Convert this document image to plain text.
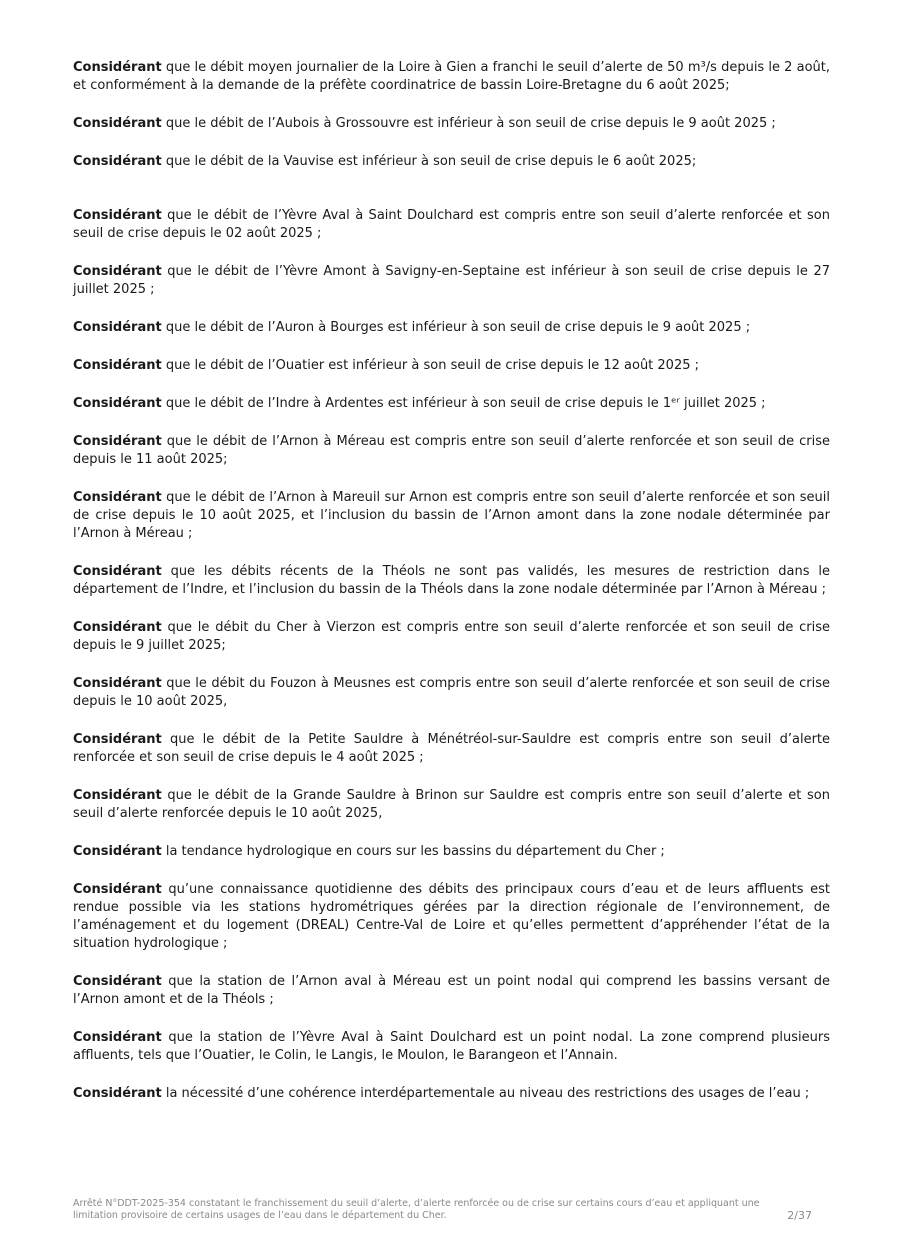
Considérant que le débit moyen journalier de la Loire à Gien a franchi le seuil d’alerte de 50 m³/s depuis le 2 août, et conformément à la demande de la préfète coordinatrice de bassin Loire-Bretagne du 6 août 2025;

Considérant que le débit de l’Aubois à Grossouvre est inférieur à son seuil de crise depuis le 9 août 2025 ;

Considérant que le débit de la Vauvise est inférieur à son seuil de crise depuis le 6 août 2025;

Considérant que le débit de l’Yèvre Aval à Saint Doulchard est compris entre son seuil d’alerte renforcée et son seuil de crise depuis le 02 août 2025 ;

Considérant que le débit de l’Yèvre Amont à Savigny-en-Septaine est inférieur à son seuil de crise depuis le 27 juillet 2025 ;

Considérant que le débit de l’Auron à Bourges est inférieur à son seuil de crise depuis le 9 août 2025 ;

Considérant que le débit de l’Ouatier est inférieur à son seuil de crise depuis le 12 août 2025 ;

Considérant que le débit de l’Indre à Ardentes est inférieur à son seuil de crise depuis le 1ᵉʳ juillet 2025 ;

Considérant que le débit de l’Arnon à Méreau est compris entre son seuil d’alerte renforcée et son seuil de crise depuis le 11 août 2025;

Considérant que le débit de l’Arnon à Mareuil sur Arnon est compris entre son seuil d’alerte renforcée et son seuil de crise depuis le 10 août 2025, et l’inclusion du bassin de l’Arnon amont dans la zone nodale déterminée par l’Arnon à Méreau ;

Considérant que les débits récents de la Théols ne sont pas validés, les mesures de restriction dans le département de l’Indre, et l’inclusion du bassin de la Théols dans la zone nodale déterminée par l’Arnon à Méreau ;

Considérant que le débit du Cher à Vierzon est compris entre son seuil d’alerte renforcée et son seuil de crise depuis le 9 juillet 2025;

Considérant que le débit du Fouzon à Meusnes est compris entre son seuil d’alerte renforcée et son seuil de crise depuis le 10 août 2025,

Considérant que le débit de la Petite Sauldre à Ménétréol-sur-Sauldre est compris entre son seuil d’alerte renforcée et son seuil de crise depuis le 4 août 2025 ;

Considérant que le débit de la Grande Sauldre à Brinon sur Sauldre est compris entre son seuil d’alerte et son seuil d’alerte renforcée depuis le 10 août 2025,

Considérant la tendance hydrologique en cours sur les bassins du département du Cher ;

Considérant qu’une connaissance quotidienne des débits des principaux cours d’eau et de leurs affluents est rendue possible via les stations hydrométriques gérées par la direction régionale de l’environnement, de l’aménagement et du logement (DREAL) Centre-Val de Loire et qu’elles permettent d’appréhender l’état de la situation hydrologique ;

Considérant que la station de l’Arnon aval à Méreau est un point nodal qui comprend les bassins versant de l’Arnon amont et de la Théols ;

Considérant que la station de l’Yèvre Aval à Saint Doulchard est un point nodal. La zone comprend plusieurs affluents, tels que l’Ouatier, le Colin, le Langis, le Moulon, le Barangeon et l’Annain.

Considérant la nécessité d’une cohérence interdépartementale au niveau des restrictions des usages de l’eau ;

Arrêté N°DDT-2025-354 constatant le franchissement du seuil d’alerte, d’alerte renforcée ou de crise sur certains cours d’eau et appliquant une limitation provisoire de certains usages de l’eau dans le département du Cher.	2/37
